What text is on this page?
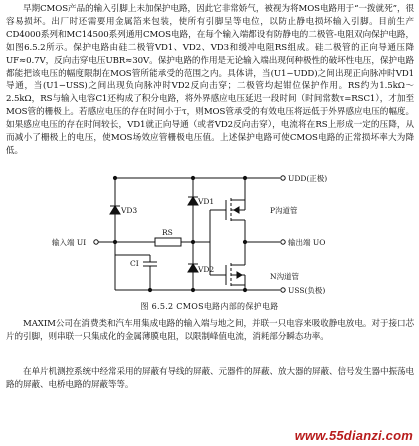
早期CMOS产品的输入引脚上未加保护电路，因此它非常娇气，被视为将MOS电路用于“一拨就死”，很容易损坏。出厂时还需要用金属箔来包装，使所有引脚呈等电位，以防止静电损坏输入引脚。目前生产CD4000系列和MC14500系列通用CMOS电路，在每个输入端都设有防静电的二极管-电阻双向保护电路，如图6.5.2所示。保护电路由硅二极管VD1、VD2、VD3和缓冲电阻RS组成。硅二极管的正向导通压降UF≈0.7V，反向击穿电压UBR≈30V。保护电路的作用是无论输入端出现何种极性的破坏性电压，保护电路都能把该电压的幅度限制在MOS管所能承受的范围之内。具体讲，当(U1−UDD)之间出现正向脉冲时VD1导通，当(U1−USS)之间出现负向脉冲时VD2反向击穿；二极管均起钳位保护作用。RS约为1.5kΩ～2.5kΩ，RS与输入电容C1还构成了积分电路，将外界感应电压延迟一段时间（时间常数τ=RSC1），才加至MOS管的栅极上。若感应电压的存在时间小于τ，则MOS管承受的有效电压将远低于外界感应电压的幅度。如果感应电压的存在时间较长，VD1就正向导通（或者VD2反向击穿），电流将在RS上形成一定的压降，从而减小了栅极上的电压，使MOS场效应管栅极电压值。上述保护电路可使CMOS电路的正常损坏率大为降低。

UDD(正极)
USS(负极)
输入端 UI	输出端 UO
VD1
VD2
VD3
RS
CI
P沟道管
N沟道管
图 6.5.2 CMOS电路内部的保护电路

MAXIM公司在消费类和汽车用集成电路的输入端与地之间，并联一只电容来吸收静电放电。对于接口芯片的引脚，则串联一只集成化的金属薄膜电阻，以限制峰值电流，消耗部分瞬态功率。

在单片机测控系统中经常采用的屏蔽有导线的屏蔽、元器件的屏蔽、放大器的屏蔽、信号发生器中振荡电路的屏蔽、电桥电路的屏蔽等等。

www.55dianzi.com
